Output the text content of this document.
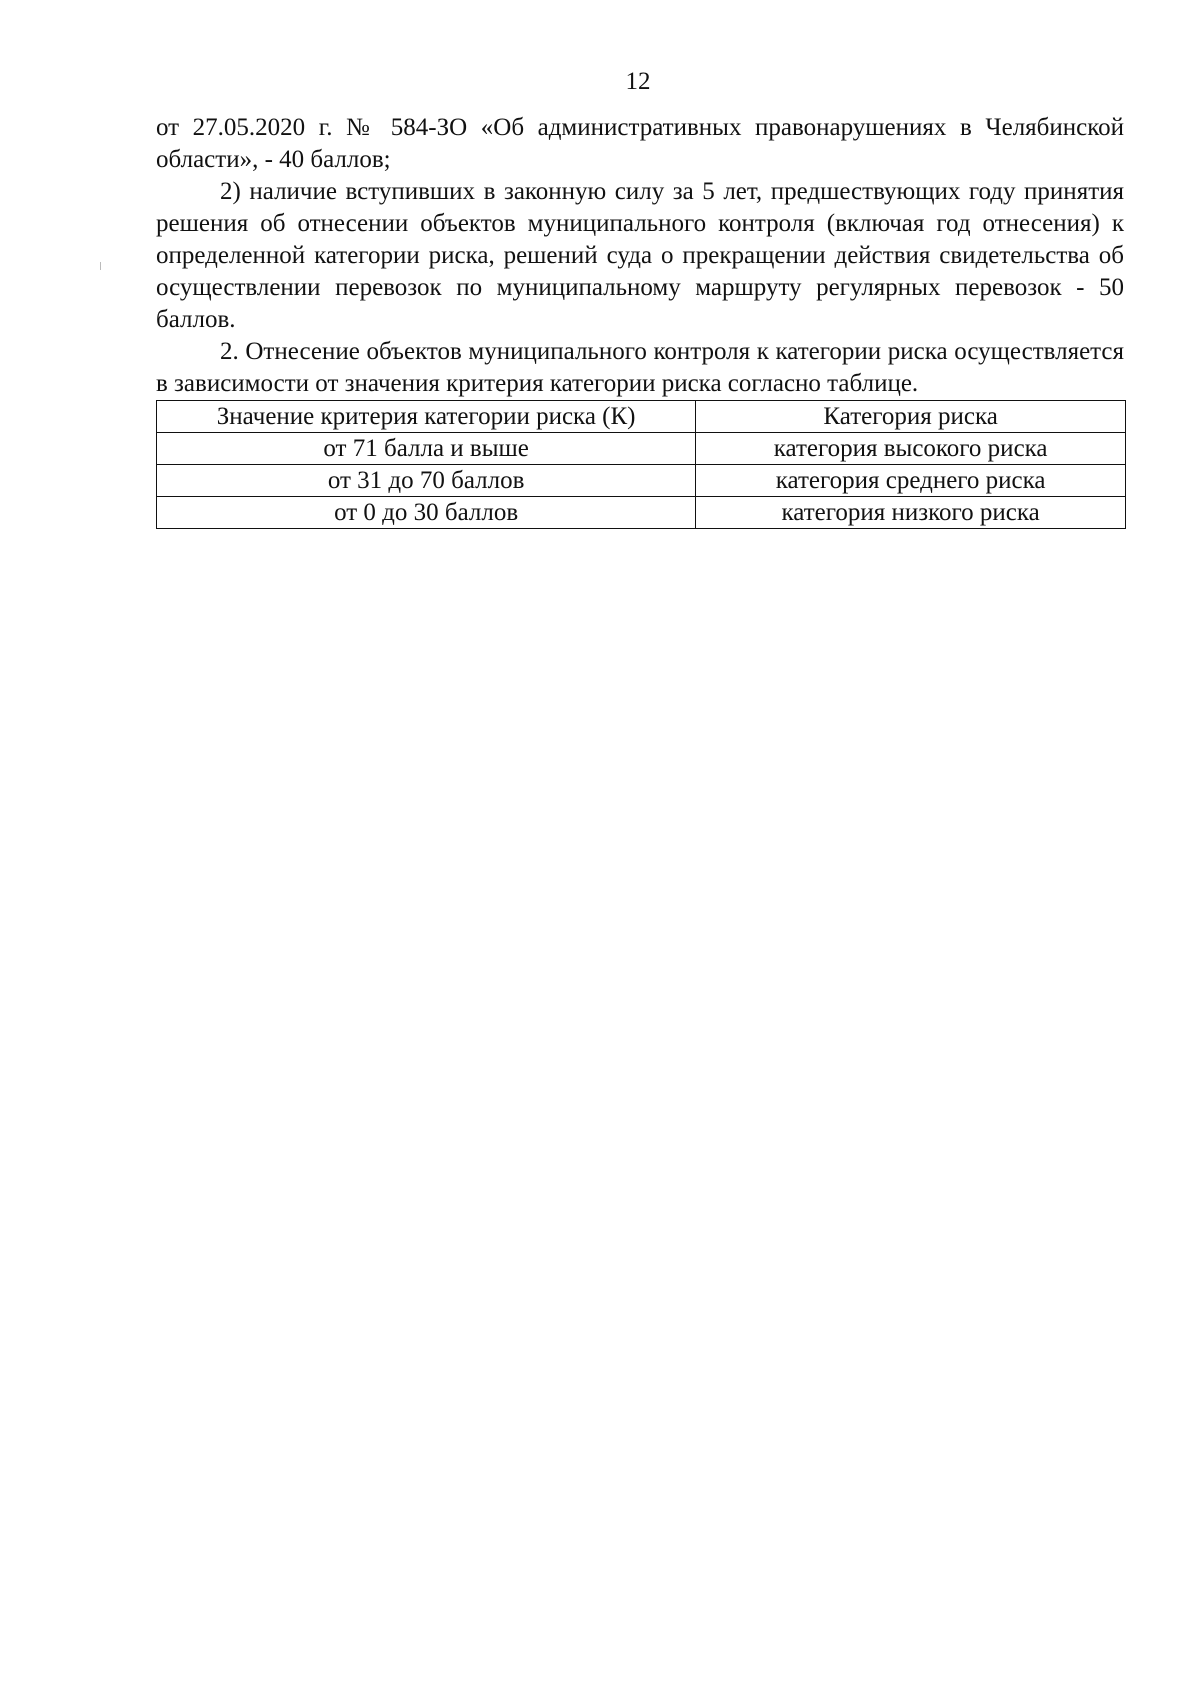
12

от 27.05.2020 г. № 584-ЗО «Об административных правонарушениях в Челябинской области», - 40 баллов;

2) наличие вступивших в законную силу за 5 лет, предшествующих году принятия решения об отнесении объектов муниципального контроля (включая год отнесения) к определенной категории риска, решений суда о прекращении действия свидетельства об осуществлении перевозок по муниципальному маршруту регулярных перевозок - 50 баллов.

2. Отнесение объектов муниципального контроля к категории риска осуществляется в зависимости от значения критерия категории риска согласно таблице.

Значение критерия категории риска (К)	Категория риска
от 71 балла и выше	категория высокого риска
от 31 до 70 баллов	категория среднего риска
от 0 до 30 баллов	категория низкого риска
